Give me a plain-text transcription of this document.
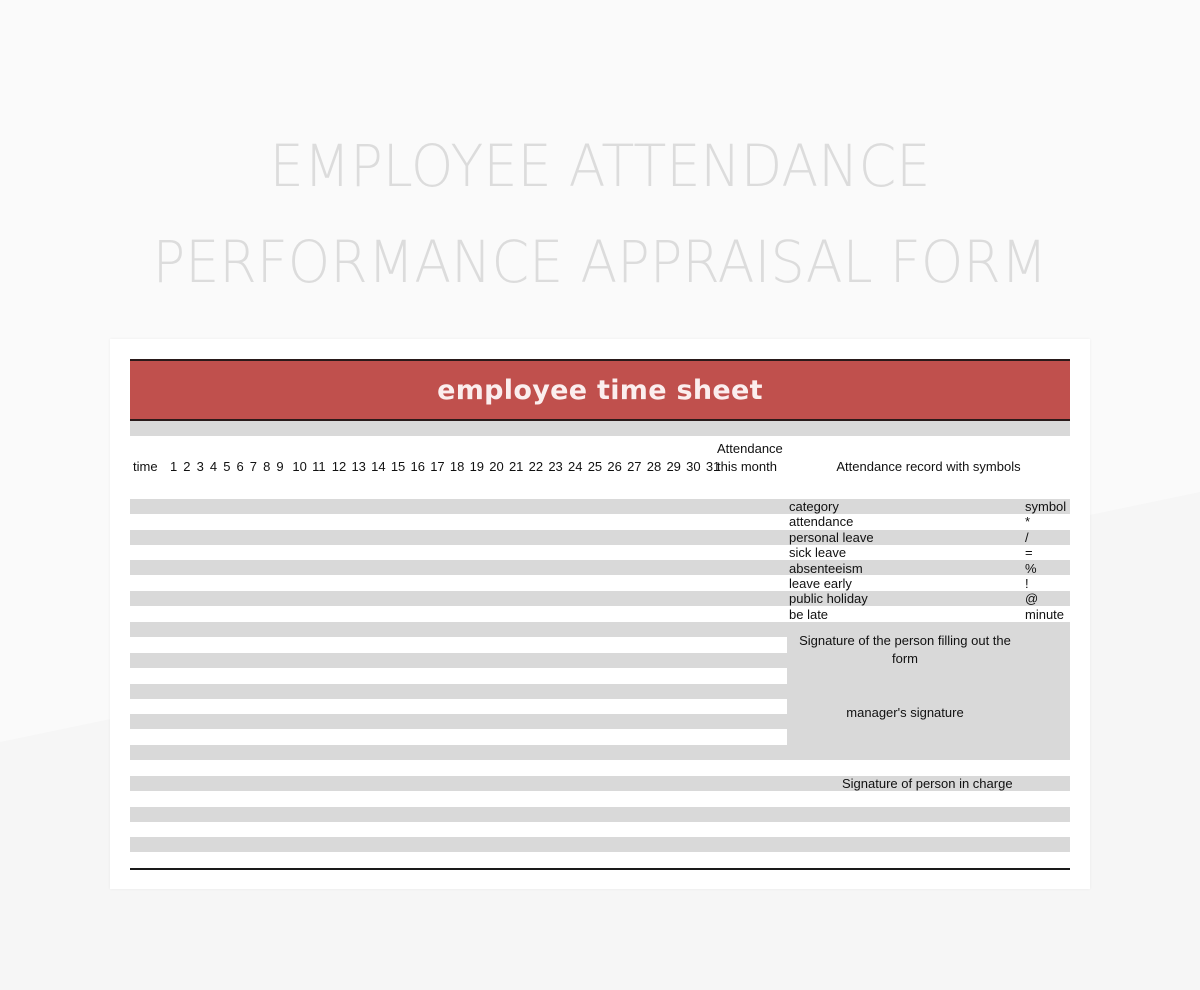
EMPLOYEE ATTENDANCE
PERFORMANCE APPRAISAL FORM
employee time sheet
time 1 2 3 4 5 6 7 8 9 10 11 12 13 14 15 16 17 18 19 20 21 22 23 24 25 26 27 28 29 30 31
Attendance this month	Attendance record with symbols
category	symbol
attendance	*
personal leave	/
sick leave	=
absenteeism	%
leave early	!
public holiday	@
be late	minute
Signature of the person filling out the form
manager's signature
Signature of person in charge
